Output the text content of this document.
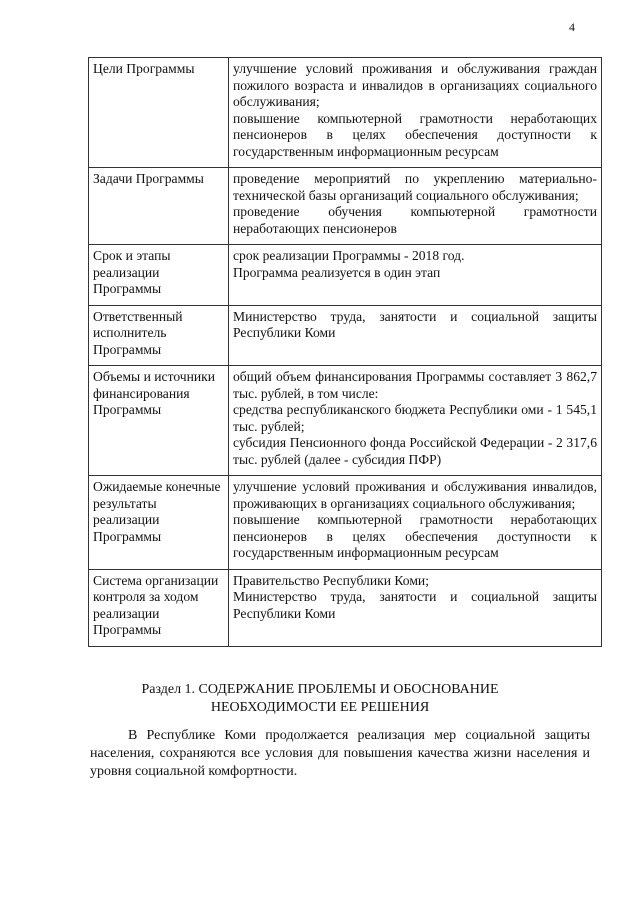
4
Цели Программы	улучшение условий проживания и обслуживания граждан пожилого возраста и инвалидов в организациях социального обслуживания;
повышение компьютерной грамотности неработающих пенсионеров в целях обеспечения доступности к государственным информационным ресурсам

Задачи Программы	проведение мероприятий по укреплению материально-технической базы организаций социального обслуживания;
проведение обучения компьютерной грамотности неработающих пенсионеров

Срок и этапы реализации Программы	срок реализации Программы - 2018 год.
Программа реализуется в один этап

Ответственный исполнитель Программы	Министерство труда, занятости и социальной защиты Республики Коми

Объемы и источники финансирования Программы	общий объем финансирования Программы составляет 3 862,7 тыс. рублей, в том числе:
средства республиканского бюджета Республики оми - 1 545,1 тыс. рублей;
субсидия Пенсионного фонда Российской Федерации - 2 317,6 тыс. рублей (далее - субсидия ПФР)

Ожидаемые конечные результаты реализации Программы	улучшение условий проживания и обслуживания инвалидов, проживающих в организациях социального обслуживания;
повышение компьютерной грамотности неработающих пенсионеров в целях обеспечения доступности к государственным информационным ресурсам

Система организации контроля за ходом реализации Программы	Правительство Республики Коми;
Министерство труда, занятости и социальной защиты Республики Коми
Раздел 1. СОДЕРЖАНИЕ ПРОБЛЕМЫ И ОБОСНОВАНИЕ
НЕОБХОДИМОСТИ ЕЕ РЕШЕНИЯ

В Республике Коми продолжается реализация мер социальной защиты населения, сохраняются все условия для повышения качества жизни населения и уровня социальной комфортности.
